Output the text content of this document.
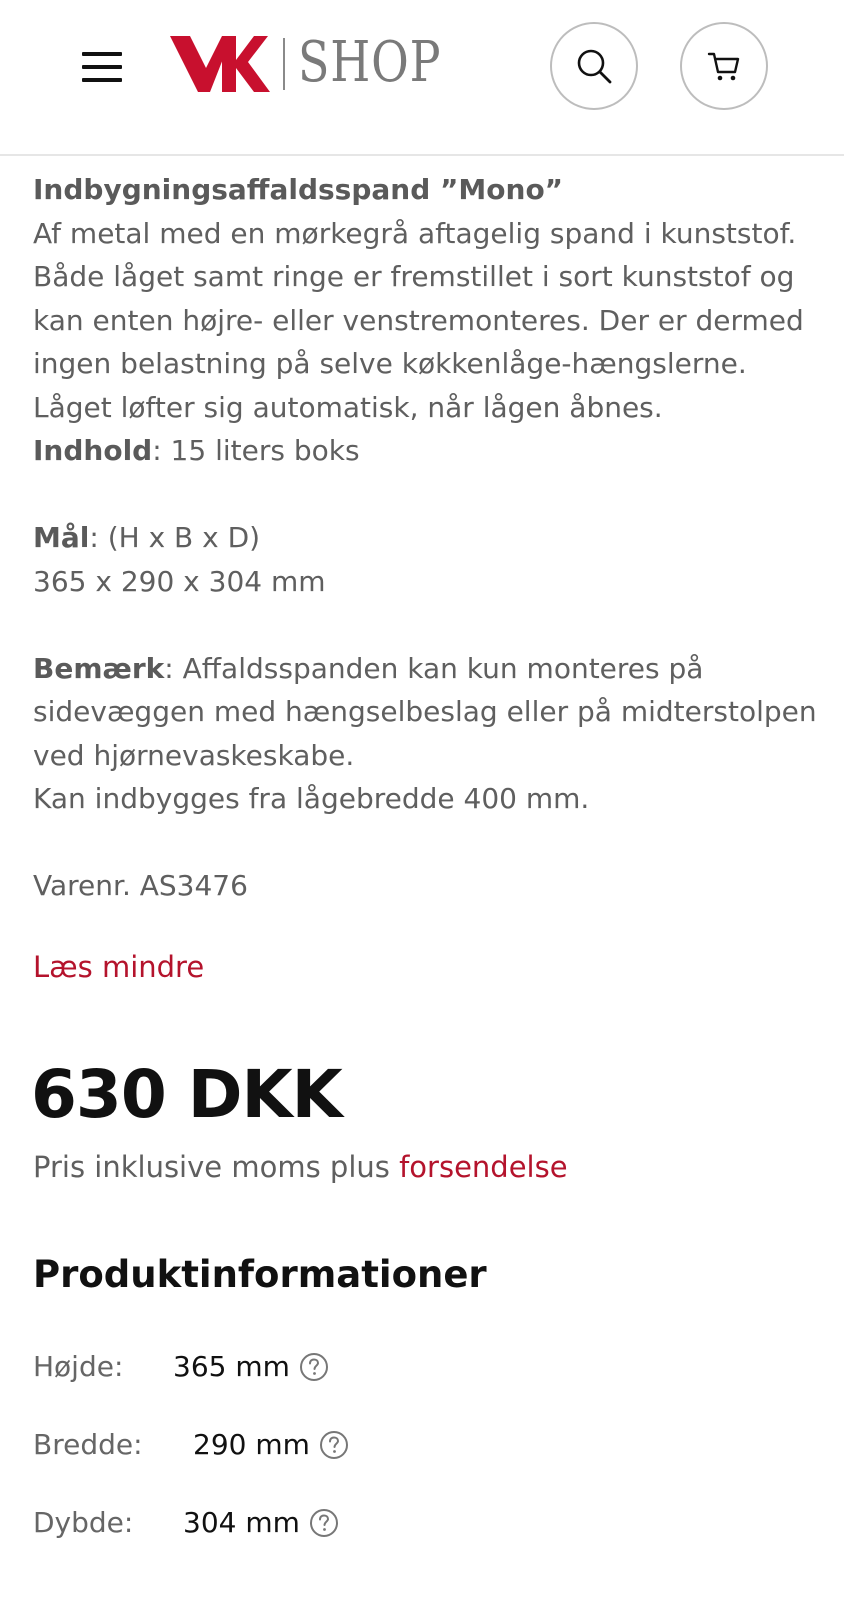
SHOP

Indbygningsaffaldsspand ”Mono”

Af metal med en mørkegrå aftagelig spand i kunststof. Både låget samt ringe er fremstillet i sort kunststof og kan enten højre- eller venstremonteres. Der er dermed ingen belastning på selve køkkenlåge-hængslerne. Låget løfter sig automatisk, når lågen åbnes.

Indhold: 15 liters boks

Mål: (H x B x D)

365 x 290 x 304 mm

Bemærk: Affaldsspanden kan kun monteres på sidevæggen med hængselbeslag eller på midterstolpen ved hjørnevaskeskabe.

Kan indbygges fra lågebredde 400 mm.

Varenr. AS3476

Læs mindre
630 DKK
Pris inklusive moms plus forsendelse
Produktinformationer
Højde: 365 mm
Bredde: 290 mm
Dybde: 304 mm
